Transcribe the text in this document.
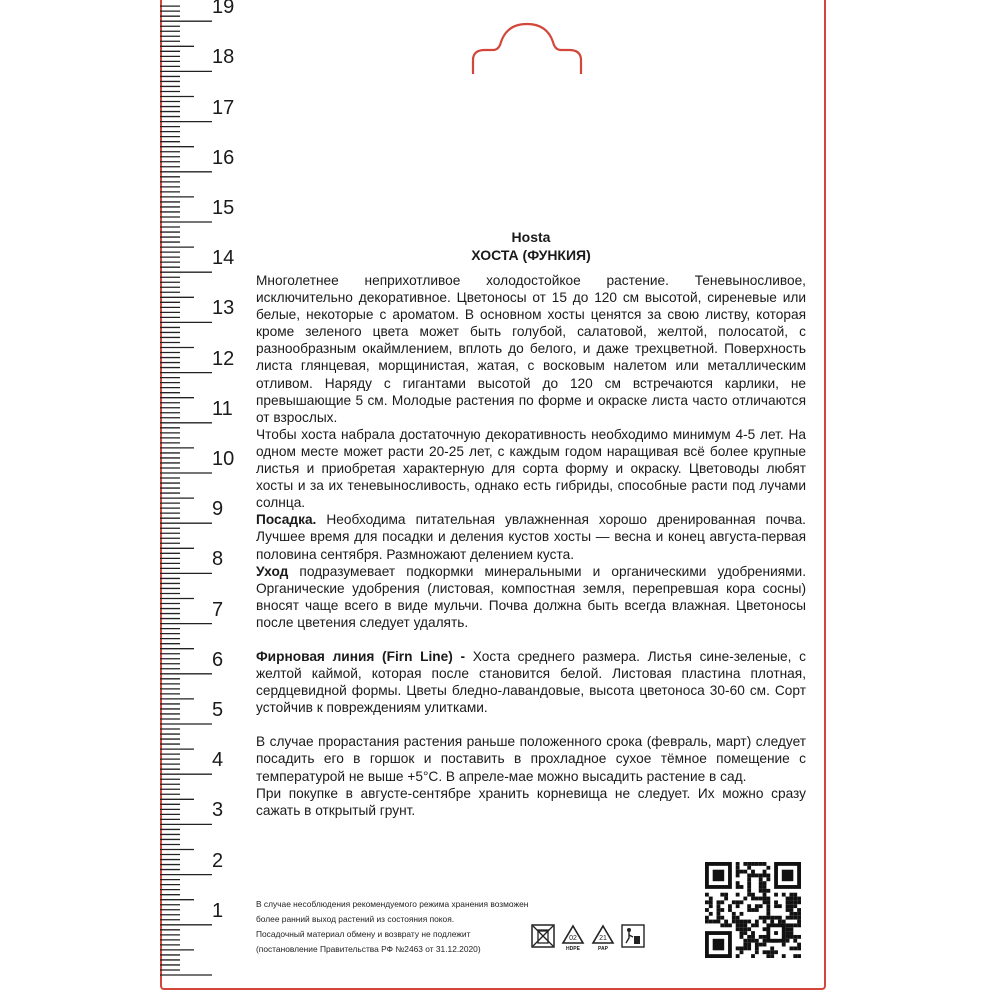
19
18
17
16
15
14
13
12
11
10
9
8
7
6
5
4
3
2
1
Hosta
ХОСТА (ФУНКИЯ)

Многолетнее неприхотливое холодостойкое растение. Теневыносливое, исключительно декоративное. Цветоносы от 15 до 120 см высотой, сиреневые или белые, некоторые с ароматом. В основном хосты ценятся за свою листву, которая кроме зеленого цвета может быть голубой, салатовой, желтой, полосатой, с разнообразным окаймлением, вплоть до белого, и даже трехцветной. Поверхность листа глянцевая, морщинистая, жатая, с восковым налетом или металлическим отливом. Наряду с гигантами высотой до 120 см встречаются карлики, не превышающие 5 см. Молодые растения по форме и окраске листа часто отличаются от взрослых.

Чтобы хоста набрала достаточную декоративность необходимо минимум 4-5 лет. На одном месте может расти 20-25 лет, с каждым годом наращивая всё более крупные листья и приобретая характерную для сорта форму и окраску. Цветоводы любят хосты и за их теневыносливость, однако есть гибриды, способные расти под лучами солнца.

Посадка. Необходима питательная увлажненная хорошо дренированная почва. Лучшее время для посадки и деления кустов хосты — весна и конец августа-первая половина сентября. Размножают делением куста.

Уход подразумевает подкормки минеральными и органическими удобрениями. Органические удобрения (листовая, компостная земля, перепревшая кора сосны) вносят чаще всего в виде мульчи. Почва должна быть всегда влажная. Цветоносы после цветения следует удалять.

Фирновая линия (Firn Line) - Хоста среднего размера. Листья сине-зеленые, с желтой каймой, которая после становится белой. Листовая пластина плотная, сердцевидной формы. Цветы бледно-лавандовые, высота цветоноса 30-60 см. Сорт устойчив к повреждениям улитками.

В случае прорастания растения раньше положенного срока (февраль, март) следует посадить его в горшок и поставить в прохладное сухое тёмное помещение с температурой не выше +5°С. В апреле-мае можно высадить растение в сад.

При покупке в августе-сентябре хранить корневища не следует. Их можно сразу сажать в открытый грунт.

В случае несоблюдения рекомендуемого режима хранения возможен
более ранний выход растений из состояния покоя.
Посадочный материал обмену и возврату не подлежит
(постановление Правительства РФ №2463 от 31.12.2020)
02
HDPE
21
PAP
